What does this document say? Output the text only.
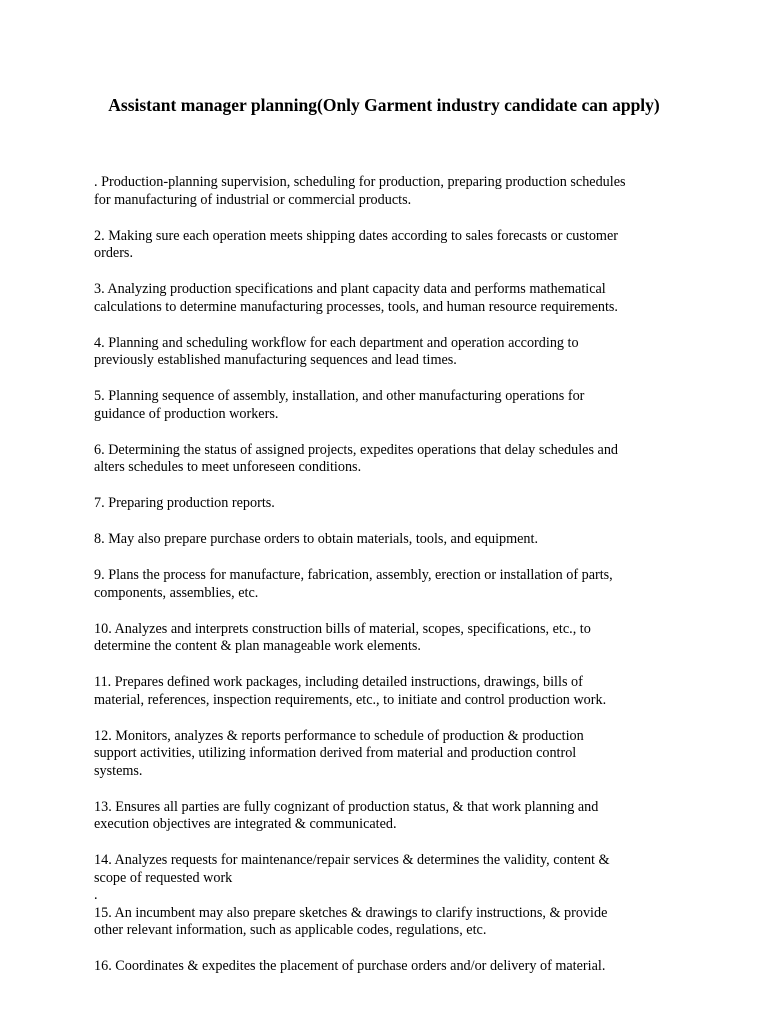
Assistant manager planning(Only Garment industry candidate can apply)

. Production-planning supervision, scheduling for production, preparing production schedules
for manufacturing of industrial or commercial products.

2. Making sure each operation meets shipping dates according to sales forecasts or customer
orders.

3. Analyzing production specifications and plant capacity data and performs mathematical
calculations to determine manufacturing processes, tools, and human resource requirements.

4. Planning and scheduling workflow for each department and operation according to
previously established manufacturing sequences and lead times.

5. Planning sequence of assembly, installation, and other manufacturing operations for
guidance of production workers.

6. Determining the status of assigned projects, expedites operations that delay schedules and
alters schedules to meet unforeseen conditions.

7. Preparing production reports.

8. May also prepare purchase orders to obtain materials, tools, and equipment.

9. Plans the process for manufacture, fabrication, assembly, erection or installation of parts,
components, assemblies, etc.

10. Analyzes and interprets construction bills of material, scopes, specifications, etc., to
determine the content & plan manageable work elements.

11. Prepares defined work packages, including detailed instructions, drawings, bills of
material, references, inspection requirements, etc., to initiate and control production work.

12. Monitors, analyzes & reports performance to schedule of production & production
support activities, utilizing information derived from material and production control
systems.

13. Ensures all parties are fully cognizant of production status, & that work planning and
execution objectives are integrated & communicated.

14. Analyzes requests for maintenance/repair services & determines the validity, content &
scope of requested work

.

15. An incumbent may also prepare sketches & drawings to clarify instructions, & provide
other relevant information, such as applicable codes, regulations, etc.

16. Coordinates & expedites the placement of purchase orders and/or delivery of material.
